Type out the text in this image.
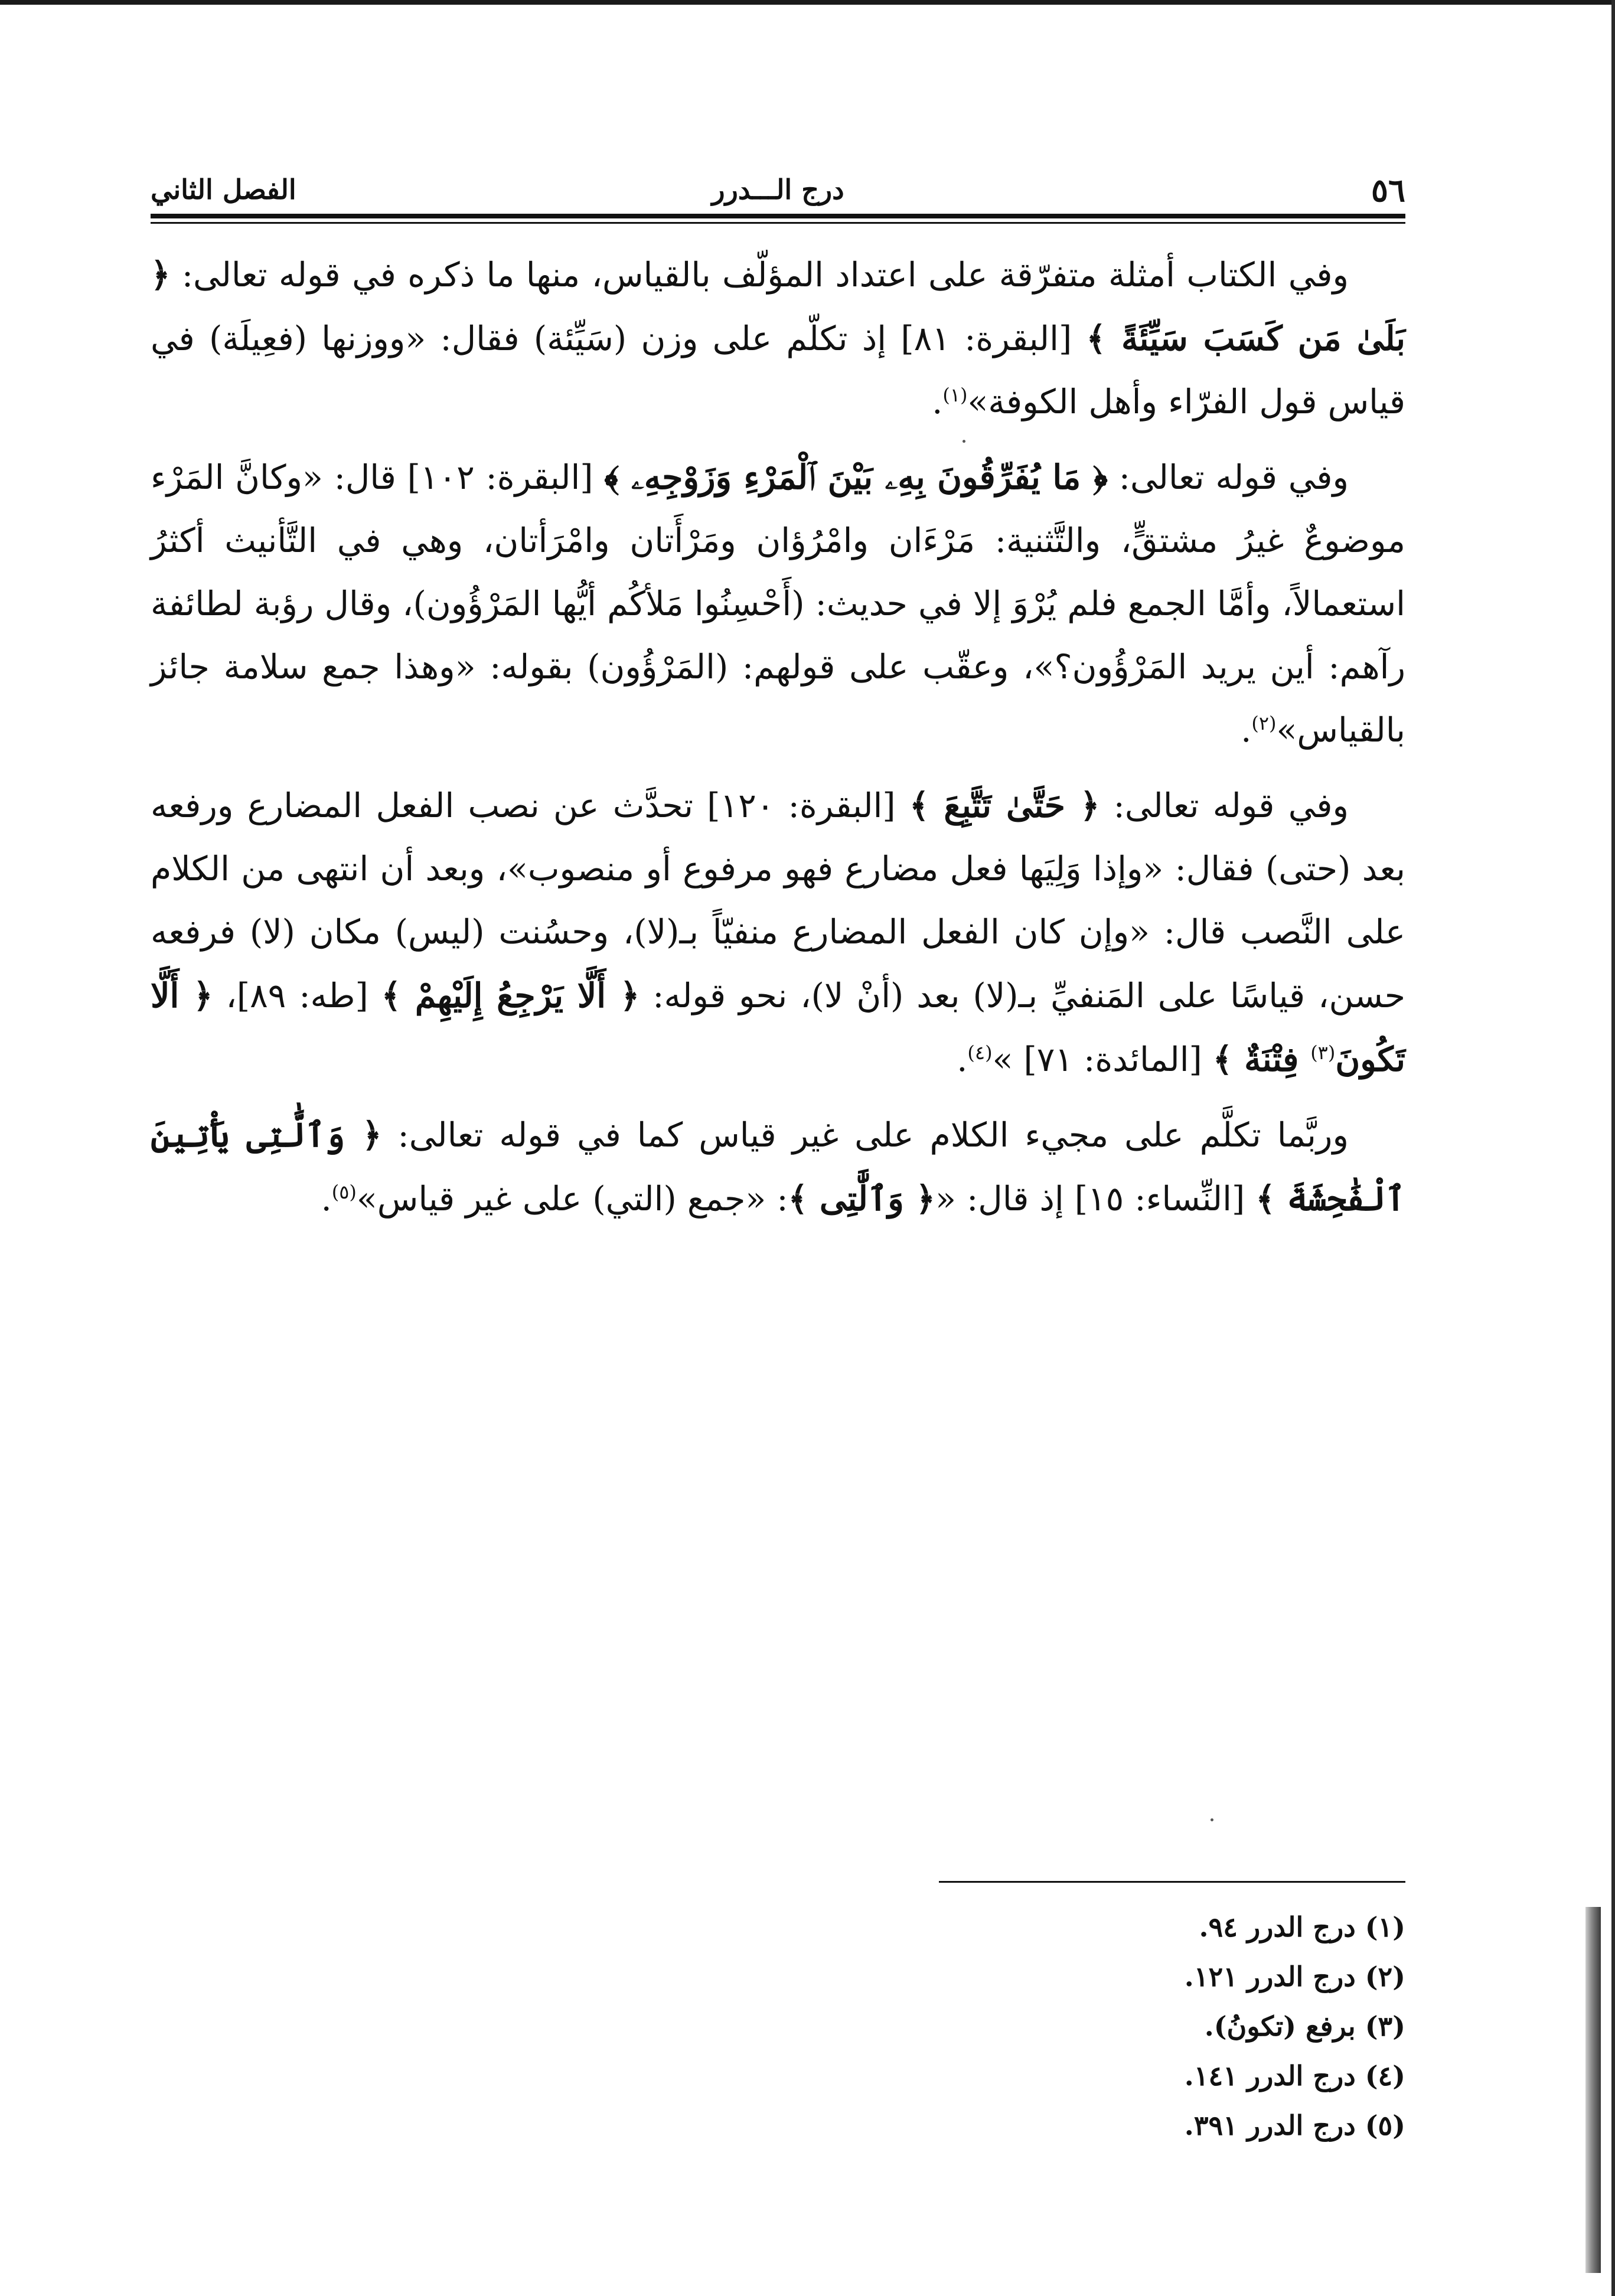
٥٦
درج الـــدرر
الفصل الثاني

وفي الكتاب أمثلة متفرّقة على اعتداد المؤلّف بالقياس، منها ما ذكره في قوله تعالى: ﴿ بَلَىٰ مَن كَسَبَ سَيِّئَةً ﴾ [البقرة: ٨١] إذ تكلّم على وزن (سَيِّئة) فقال: «ووزنها (فعِيلَة) في قياس قول الفرّاء وأهل الكوفة»$^{(١)}$.

وفي قوله تعالى: ﴿ مَا يُفَرِّقُونَ بِهِۦ بَيْنَ ٱلْمَرْءِ وَزَوْجِهِۦ ﴾ [البقرة: ١٠٢] قال: «وكانَّ المَرْء موضوعٌ غيرُ مشتقٍّ، والتَّثنية: مَرْءَان وامْرُؤان ومَرْأَتان وامْرَأتان، وهي في التَّأنيث أكثرُ استعمالاً، وأمَّا الجمع فلم يُرْوَ إلا في حديث: (أَحْسِنُوا مَلأكُم أيُّها المَرْؤُون)، وقال رؤبة لطائفة رآهم: أين يريد المَرْؤُون؟»، وعقّب على قولهم: (المَرْؤُون) بقوله: «وهذا جمع سلامة جائز بالقياس»$^{(٢)}$.

وفي قوله تعالى: ﴿ حَتَّىٰ تَتَّبِعَ ﴾ [البقرة: ١٢٠] تحدَّث عن نصب الفعل المضارع ورفعه بعد (حتى) فقال: «وإذا وَلِيَها فعل مضارع فهو مرفوع أو منصوب»، وبعد أن انتهى من الكلام على النَّصب قال: «وإن كان الفعل المضارع منفيّاً بـ(لا)، وحسُنت (ليس) مكان (لا) فرفعه حسن، قياسًا على المَنفيِّ بـ(لا) بعد (أنْ لا)، نحو قوله: ﴿ أَلَّا يَرْجِعُ إِلَيْهِمْ ﴾ [طه: ٨٩]، ﴿ أَلَّا تَكُونَ$^{(٣)}$ فِتْنَةٌ ﴾ [المائدة: ٧١] »$^{(٤)}$.

وربَّما تكلَّم على مجيء الكلام على غير قياس كما في قوله تعالى: ﴿ وَٱلَّٰتِى يَأْتِينَ ٱلْفَٰحِشَةَ ﴾ [النِّساء: ١٥] إذ قال: «﴿ وَٱلَّٰتِى ﴾: «جمع (التي) على غير قياس»$^{(٥)}$.

(١) درج الدرر ٩٤.
(٢) درج الدرر ١٢١.
(٣) برفع (تكونُ).
(٤) درج الدرر ١٤١.
(٥) درج الدرر ٣٩١.
